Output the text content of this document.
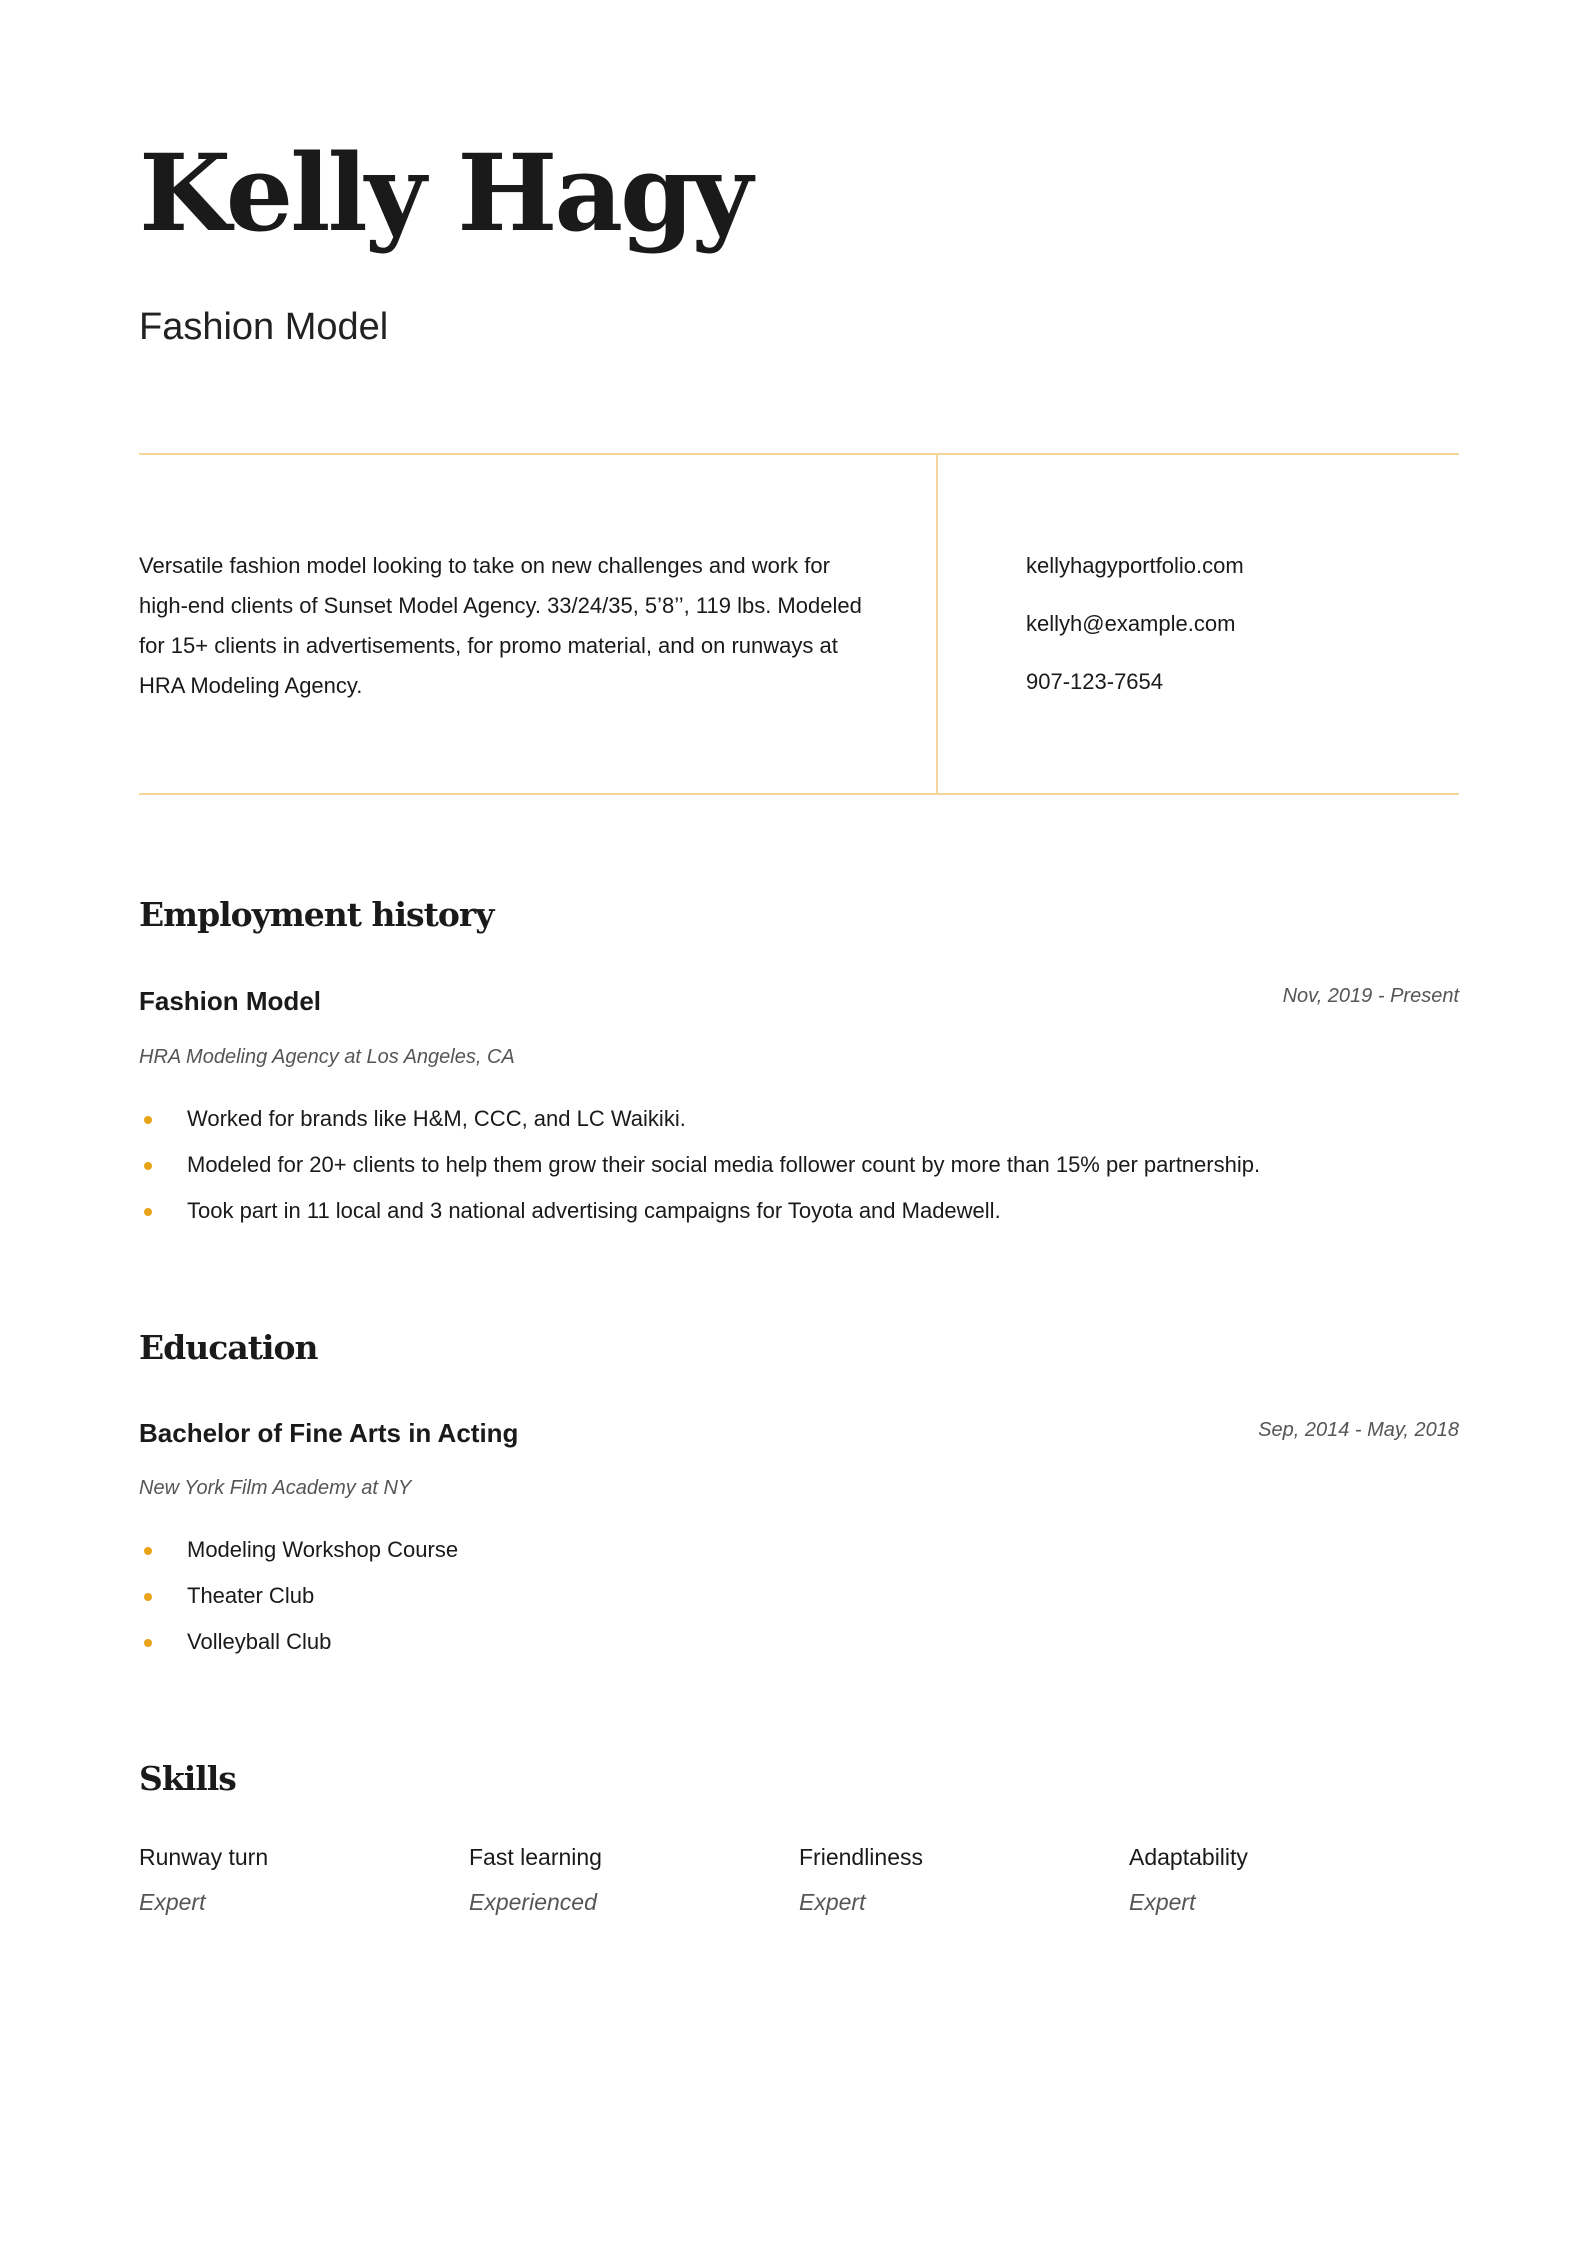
Kelly Hagy
Fashion Model

Versatile fashion model looking to take on new challenges and work for high-end clients of Sunset Model Agency. 33/24/35, 5’8’’, 119 lbs. Modeled for 15+ clients in advertisements, for promo material, and on runways at HRA Modeling Agency.

kellyhagyportfolio.com
kellyh@example.com
907-123-7654
Employment history
Fashion Model	Nov, 2019 - Present
HRA Modeling Agency at Los Angeles, CA
Worked for brands like H&M, CCC, and LC Waikiki.
Modeled for 20+ clients to help them grow their social media follower count by more than 15% per partnership.
Took part in 11 local and 3 national advertising campaigns for Toyota and Madewell.
Education
Bachelor of Fine Arts in Acting	Sep, 2014 - May, 2018
New York Film Academy at NY
Modeling Workshop Course
Theater Club
Volleyball Club
Skills
Runway turn
Expert
Fast learning
Experienced
Friendliness
Expert
Adaptability
Expert
